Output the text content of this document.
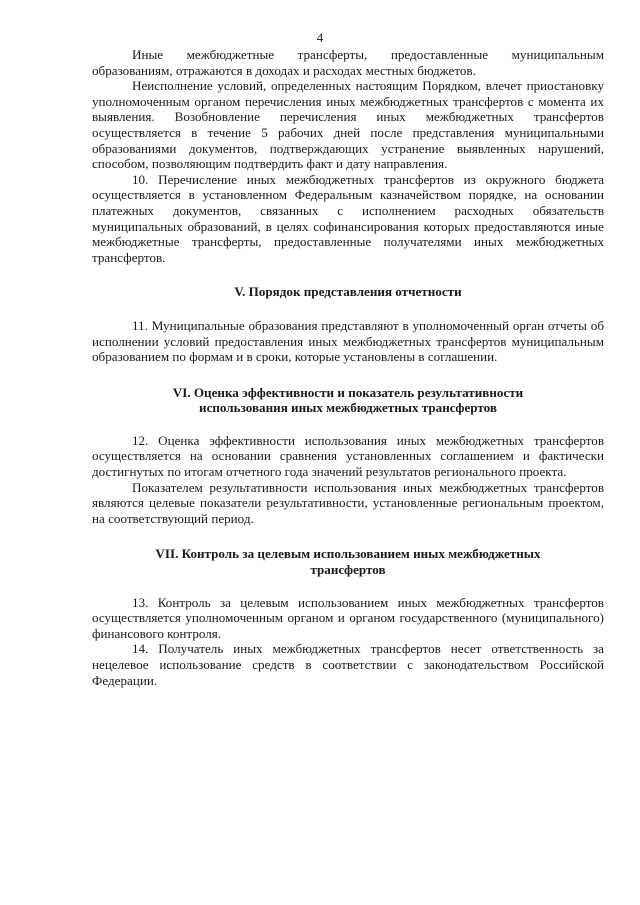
4

Иные межбюджетные трансферты, предоставленные муниципальным образованиям, отражаются в доходах и расходах местных бюджетов.

Неисполнение условий, определенных настоящим Порядком, влечет приостановку уполномоченным органом перечисления иных межбюджетных трансфертов с момента их выявления. Возобновление перечисления иных межбюджетных трансфертов осуществляется в течение 5 рабочих дней после представления муниципальными образованиями документов, подтверждающих устранение выявленных нарушений, способом, позволяющим подтвердить факт и дату направления.

10. Перечисление иных межбюджетных трансфертов из окружного бюджета осуществляется в установленном Федеральным казначейством порядке, на основании платежных документов, связанных с исполнением расходных обязательств муниципальных образований, в целях софинансирования которых предоставляются иные межбюджетные трансферты, предоставленные получателями иных межбюджетных трансфертов.

V. Порядок представления отчетности

11. Муниципальные образования представляют в уполномоченный орган отчеты об исполнении условий предоставления иных межбюджетных трансфертов муниципальным образованием по формам и в сроки, которые установлены в соглашении.

VI. Оценка эффективности и показатель результативности
использования иных межбюджетных трансфертов

12. Оценка эффективности использования иных межбюджетных трансфертов осуществляется на основании сравнения установленных соглашением и фактически достигнутых по итогам отчетного года значений результатов регионального проекта.

Показателем результативности использования иных межбюджетных трансфертов являются целевые показатели результативности, установленные региональным проектом, на соответствующий период.

VII. Контроль за целевым использованием иных межбюджетных
трансфертов

13. Контроль за целевым использованием иных межбюджетных трансфертов осуществляется уполномоченным органом и органом государственного (муниципального) финансового контроля.

14. Получатель иных межбюджетных трансфертов несет ответственность за нецелевое использование средств в соответствии с законодательством Российской Федерации.
